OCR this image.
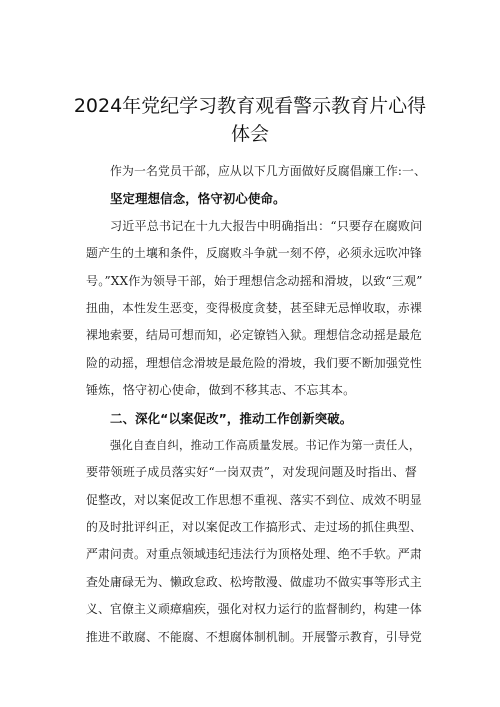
2024年党纪学习教育观看警示教育片心得
体会
作为一名党员干部，应从以下几方面做好反腐倡廉工作:一、
坚定理想信念，恪守初心使命。
习近平总书记在十九大报告中明确指出：“只要存在腐败问
题产生的土壤和条件，反腐败斗争就一刻不停，必须永远吹冲锋
号。”XX作为领导干部，始于理想信念动摇和滑坡，以致“三观”
扭曲，本性发生恶变，变得极度贪婪，甚至肆无忌惮收取，赤裸
裸地索要，结局可想而知，必定镣铛入狱。理想信念动摇是最危
险的动摇，理想信念滑坡是最危险的滑坡，我们要不断加强党性
锤炼，恪守初心使命，做到不移其志、不忘其本。
二、深化“以案促改”，推动工作创新突破。
强化自查自纠，推动工作高质量发展。书记作为第一责任人，
要带领班子成员落实好“一岗双责”，对发现问题及时指出、督
促整改，对以案促改工作思想不重视、落实不到位、成效不明显
的及时批评纠正，对以案促改工作搞形式、走过场的抓住典型、
严肃问责。对重点领域违纪违法行为顶格处理、绝不手软。严肃
查处庸碌无为、懒政怠政、松垮散漫、做虚功不做实事等形式主
义、官僚主义顽瘴痼疾，强化对权力运行的监督制约，构建一体
推进不敢腐、不能腐、不想腐体制机制。开展警示教育，引导党
